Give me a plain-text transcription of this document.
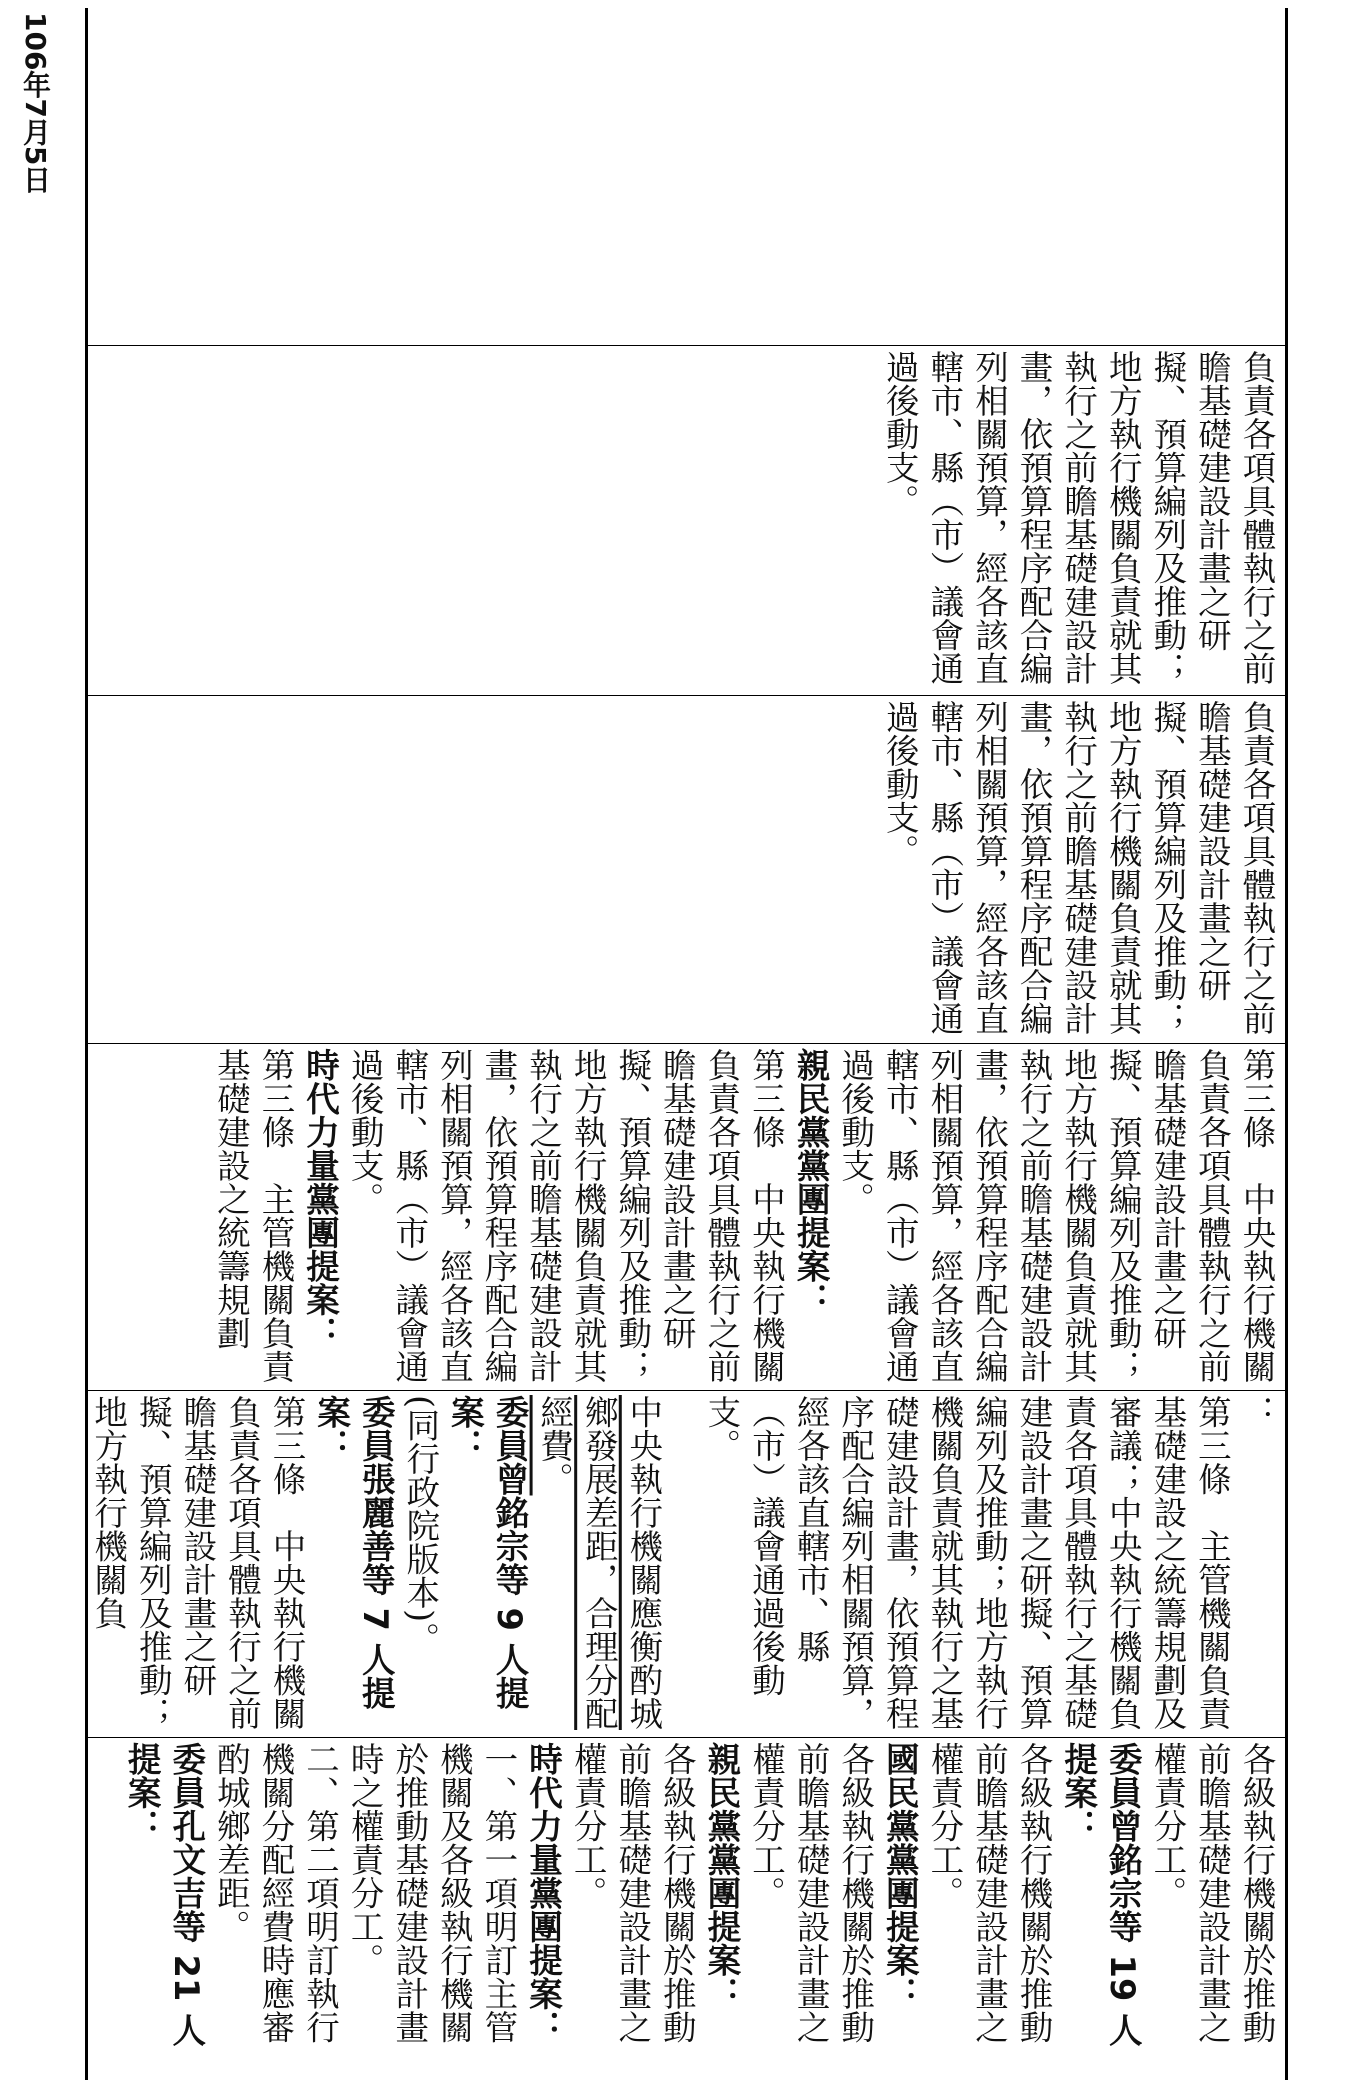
106年7月5日
負責各項具體執行之前瞻基礎建設計畫之研擬、預算編列及推動；地方執行機關負責就其執行之前瞻基礎建設計畫，依預算程序配合編列相關預算，經各該直轄市、縣（市）議會通過後動支。
負責各項具體執行之前瞻基礎建設計畫之研擬、預算編列及推動；地方執行機關負責就其執行之前瞻基礎建設計畫，依預算程序配合編列相關預算，經各該直轄市、縣（市）議會通過後動支。
第三條　中央執行機關負責各項具體執行之前瞻基礎建設計畫之研擬、預算編列及推動；地方執行機關負責就其執行之前瞻基礎建設計畫，依預算程序配合編列相關預算，經各該直轄市、縣（市）議會通過後動支。
親民黨黨團提案：
第三條　中央執行機關負責各項具體執行之前瞻基礎建設計畫之研擬、預算編列及推動；地方執行機關負責就其執行之前瞻基礎建設計畫，依預算程序配合編列相關預算，經各該直轄市、縣（市）議會通過後動支。
時代力量黨團提案：
第三條　主管機關負責基礎建設之統籌規劃
：
第三條　主管機關負責基礎建設之統籌規劃及審議；中央執行機關負責各項具體執行之基礎建設計畫之研擬、預算編列及推動；地方執行機關負責就其執行之基礎建設計畫，依預算程序配合編列相關預算，經各該直轄市、縣（市）議會通過後動支。
中央執行機關應衡酌城鄉發展差距，合理分配經費。
委員曾銘宗等 9 人提案：
(同行政院版本)。
委員張麗善等 7 人提案：
第三條　中央執行機關負責各項具體執行之前瞻基礎建設計畫之研擬、預算編列及推動；地方執行機關負
各級執行機關於推動前瞻基礎建設計畫之權責分工。
委員曾銘宗等 19 人提案：
各級執行機關於推動前瞻基礎建設計畫之權責分工。
國民黨黨團提案：
各級執行機關於推動前瞻基礎建設計畫之權責分工。
親民黨黨團提案：
各級執行機關於推動前瞻基礎建設計畫之權責分工。
時代力量黨團提案：
一、第一項明訂主管機關及各級執行機關於推動基礎建設計畫時之權責分工。
二、第二項明訂執行機關分配經費時應審酌城鄉差距。
委員孔文吉等 21 人提案：
